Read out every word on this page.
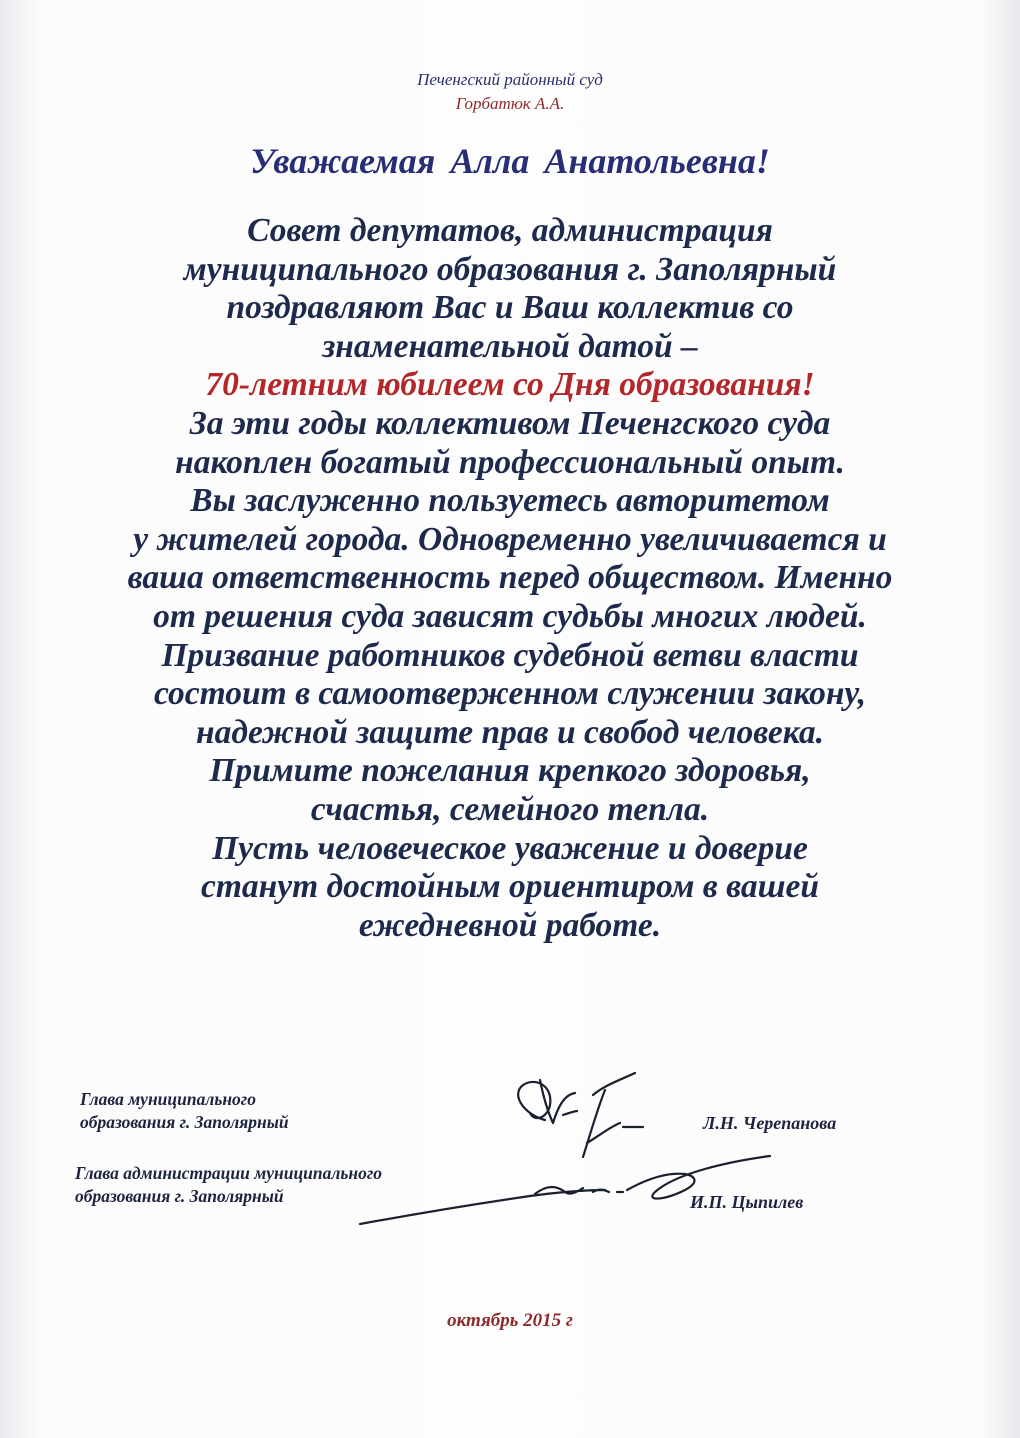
Печенгский районный суд
Горбатюк А.А.
Уважаемая Алла Анатольевна!
Совет депутатов, администрация
муниципального образования г. Заполярный
поздравляют Вас и Ваш коллектив со
знаменательной датой –
70-летним юбилеем со Дня образования!
За эти годы коллективом Печенгского суда
накоплен богатый профессиональный опыт.
Вы заслуженно пользуетесь авторитетом
у жителей города. Одновременно увеличивается и
ваша ответственность перед обществом. Именно
от решения суда зависят судьбы многих людей.
Призвание работников судебной ветви власти
состоит в самоотверженном служении закону,
надежной защите прав и свобод человека.
Примите пожелания крепкого здоровья,
счастья, семейного тепла.
Пусть человеческое уважение и доверие
станут достойным ориентиром в вашей
ежедневной работе.
Глава муниципального
образования г. Заполярный	Л.Н. Черепанова
Глава администрации муниципального
образования г. Заполярный	И.П. Цыпилев
октябрь 2015 г
